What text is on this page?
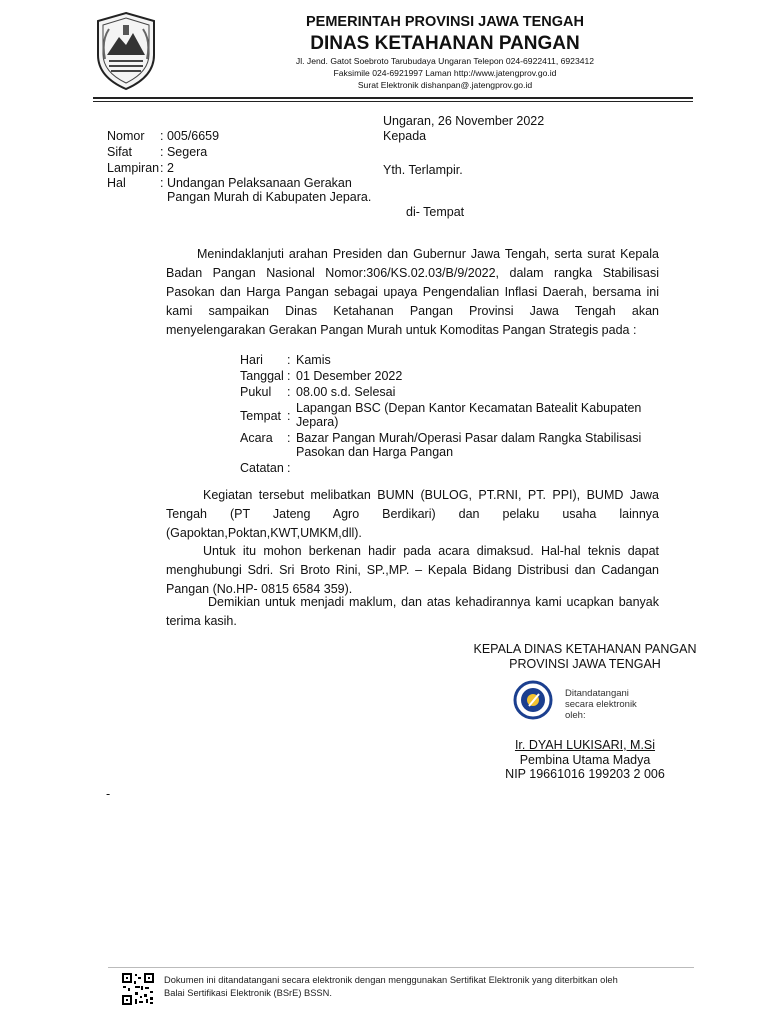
PEMERINTAH PROVINSI JAWA TENGAH
DINAS KETAHANAN PANGAN
Jl. Jend. Gatot Soebroto Tarubudaya Ungaran Telepon 024-6922411, 6923412
Faksimile 024-6921997 Laman http://www.jatengprov.go.id
Surat Elektronik dishanpan@.jatengprov.go.id
Ungaran, 26 November 2022
Kepada
Yth. Terlampir.
di- Tempat
Nomor : 005/6659
Sifat : Segera
Lampiran: 2
Hal	: Undangan Pelaksanaan Gerakan
Pangan Murah di Kabupaten Jepara.
Menindaklanjuti arahan Presiden dan Gubernur Jawa Tengah, serta surat Kepala Badan Pangan Nasional Nomor:306/KS.02.03/B/9/2022, dalam rangka Stabilisasi Pasokan dan Harga Pangan sebagai upaya Pengendalian Inflasi Daerah, bersama ini kami sampaikan Dinas Ketahanan Pangan Provinsi Jawa Tengah akan menyelengarakan Gerakan Pangan Murah untuk Komoditas Pangan Strategis pada :
Hari	:	Kamis
Tanggal	:	01 Desember 2022
Pukul	:	08.00 s.d. Selesai
Tempat	:	Lapangan BSC (Depan Kantor Kecamatan Batealit Kabupaten Jepara)
Acara	:	Bazar Pangan Murah/Operasi Pasar dalam Rangka Stabilisasi Pasokan dan Harga Pangan
Catatan	:	
Kegiatan tersebut melibatkan BUMN (BULOG, PT.RNI, PT. PPI), BUMD Jawa Tengah (PT Jateng Agro Berdikari) dan pelaku usaha lainnya (Gapoktan,Poktan,KWT,UMKM,dll).
Untuk itu mohon berkenan hadir pada acara dimaksud. Hal-hal teknis dapat menghubungi Sdri. Sri Broto Rini, SP.,MP. – Kepala Bidang Distribusi dan Cadangan Pangan (No.HP- 0815 6584 359).
Demikian untuk menjadi maklum, dan atas kehadirannya kami ucapkan banyak terima kasih.
KEPALA DINAS KETAHANAN PANGAN
PROVINSI JAWA TENGAH
Ditandatangani secara elektronik oleh:
Ir. DYAH LUKISARI, M.Si
Pembina Utama Madya
NIP 19661016 199203 2 006
-
Dokumen ini ditandatangani secara elektronik dengan menggunakan Sertifikat Elektronik yang diterbitkan oleh
Balai Sertifikasi Elektronik (BSrE) BSSN.
